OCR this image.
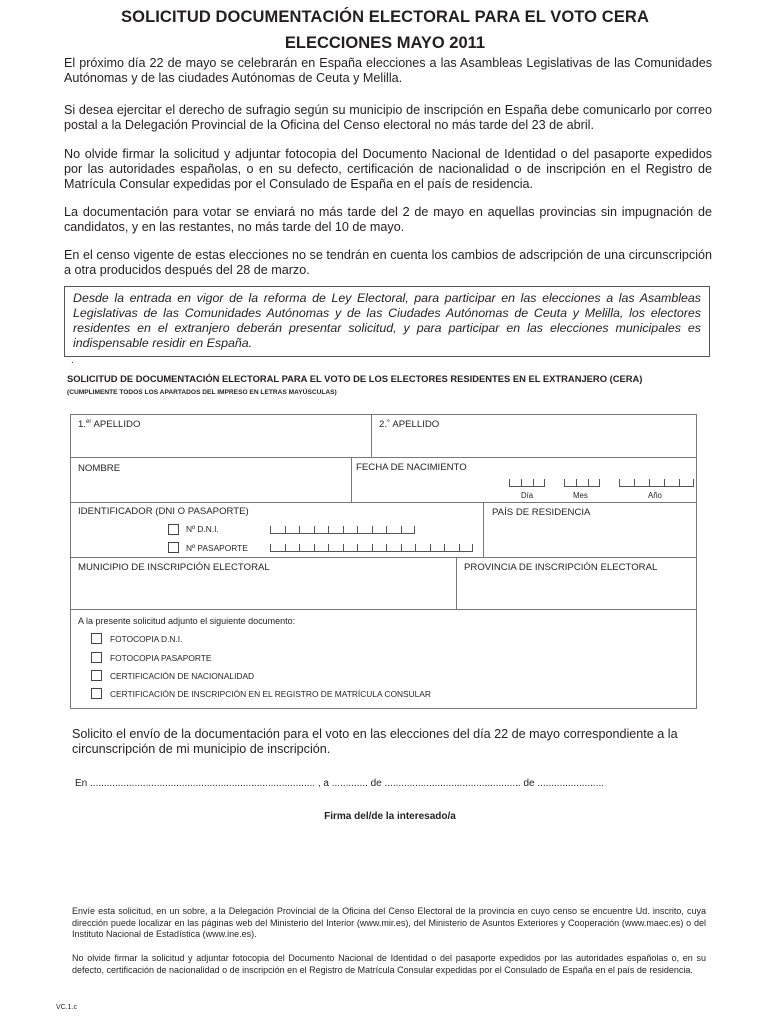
SOLICITUD DOCUMENTACIÓN ELECTORAL PARA EL VOTO CERA
ELECCIONES MAYO 2011

El próximo día 22 de mayo se celebrarán en España elecciones a las Asambleas Legislativas de las Comunidades Autónomas y de las ciudades Autónomas de Ceuta y Melilla.

Si desea ejercitar el derecho de sufragio según su municipio de inscripción en España debe comunicarlo por correo postal a la Delegación Provincial de la Oficina del Censo electoral no más tarde del 23 de abril.

No olvide firmar la solicitud y adjuntar fotocopia del Documento Nacional de Identidad o del pasaporte expedidos por las autoridades españolas, o en su defecto, certificación de nacionalidad o de inscripción en el Registro de Matrícula Consular expedidas por el Consulado de España en el país de residencia.

La documentación para votar se enviará no más tarde del 2 de mayo en aquellas provincias sin impugnación de candidatos, y en las restantes, no más tarde del 10 de mayo.

En el censo vigente de estas elecciones no se tendrán en cuenta los cambios de adscripción de una circunscripción a otra producidos después del 28 de marzo.

Desde la entrada en vigor de la reforma de Ley Electoral, para participar en las elecciones a las Asambleas Legislativas de las Comunidades Autónomas y de las Ciudades Autónomas de Ceuta y Melilla, los electores residentes en el extranjero deberán presentar solicitud, y para participar en las elecciones municipales es indispensable residir en España.
.
SOLICITUD DE DOCUMENTACIÓN ELECTORAL PARA EL VOTO DE LOS ELECTORES RESIDENTES EN EL EXTRANJERO (CERA)
(CUMPLIMENTE TODOS LOS APARTADOS DEL IMPRESO EN LETRAS MAYÚSCULAS)
1.$^{er}$ APELLIDO	2.˚ APELLIDO
NOMBRE	FECHA DE NACIMIENTO
Día	Mes	Año
IDENTIFICADOR (DNI O PASAPORTE)
Nº D.N.I.
Nº PASAPORTE
PAÍS DE RESIDENCIA
MUNICIPIO DE INSCRIPCIÓN ELECTORAL	PROVINCIA DE INSCRIPCIÓN ELECTORAL
A la presente solicitud adjunto el siguiente documento:
FOTOCOPIA D.N.I.
FOTOCOPIA PASAPORTE
CERTIFICACIÓN DE NACIONALIDAD
CERTIFICACIÓN DE INSCRIPCIÓN EN EL REGISTRO DE MATRÍCULA CONSULAR

Solicito el envío de la documentación para el voto en las elecciones del día 22 de mayo correspondiente a la circunscripción de mi municipio de inscripción.

En ................................................................................. , a ............. de ................................................. de ........................
Firma del/de la interesado/a

Envíe esta solicitud, en un sobre, a la Delegación Provincial de la Oficina del Censo Electoral de la provincia en cuyo censo se encuentre Ud. inscrito, cuya dirección puede localizar en las páginas web del Ministerio del Interior (www.mir.es), del Ministerio de Asuntos Exteriores y Cooperación (www.maec.es) o del Instituto Nacional de Estadística (www.ine.es).

No olvide firmar la solicitud y adjuntar fotocopia del Documento Nacional de Identidad o del pasaporte expedidos por las autoridades españolas o, en su defecto, certificación de nacionalidad o de inscripción en el Registro de Matrícula Consular expedidas por el Consulado de España en el país de residencia.

VC.1.c
